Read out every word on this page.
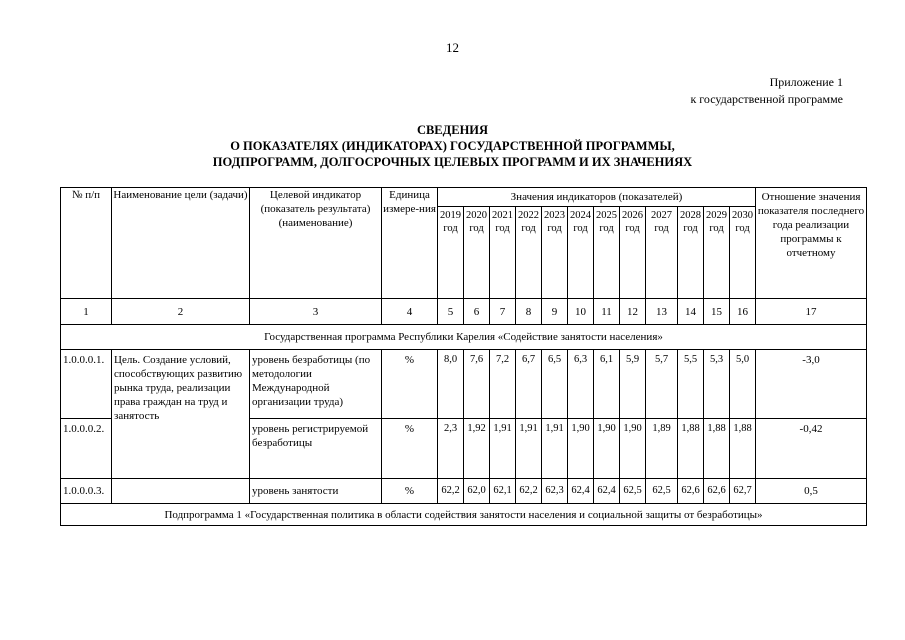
12
Приложение 1
к государственной программе
СВЕДЕНИЯ
О ПОКАЗАТЕЛЯХ (ИНДИКАТОРАХ) ГОСУДАРСТВЕННОЙ ПРОГРАММЫ,
ПОДПРОГРАММ, ДОЛГОСРОЧНЫХ ЦЕЛЕВЫХ ПРОГРАММ И ИХ ЗНАЧЕНИЯХ
№ п/п	Наименование цели (задачи)	Целевой индикатор (показатель результата) (наименование)	Единица измере-ния	Значения индикаторов (показателей)												Отношение значения показателя последнего года реализации программы к отчетному
				2019 год	2020 год	2021 год	2022 год	2023 год	2024 год	2025 год	2026 год	2027 год	2028 год	2029 год	2030 год	
1	2	3	4	5	6	7	8	9	10	11	12	13	14	15	16	17
Государственная программа Республики Карелия «Содействие занятости населения»																
1.0.0.0.1.	Цель. Создание условий, способствующих развитию рынка труда, реализации права граждан на труд и занятость	уровень безработицы (по методологии Международной организации труда)	%	8,0	7,6	7,2	6,7	6,5	6,3	6,1	5,9	5,7	5,5	5,3	5,0	-3,0
1.0.0.0.2.		уровень регистрируемой безработицы	%	2,3	1,92	1,91	1,91	1,91	1,90	1,90	1,90	1,89	1,88	1,88	1,88	-0,42
1.0.0.0.3.		уровень занятости	%	62,2	62,0	62,1	62,2	62,3	62,4	62,4	62,5	62,5	62,6	62,6	62,7	0,5
Подпрограмма 1 «Государственная политика в области содействия занятости населения и социальной защиты от безработицы»																
